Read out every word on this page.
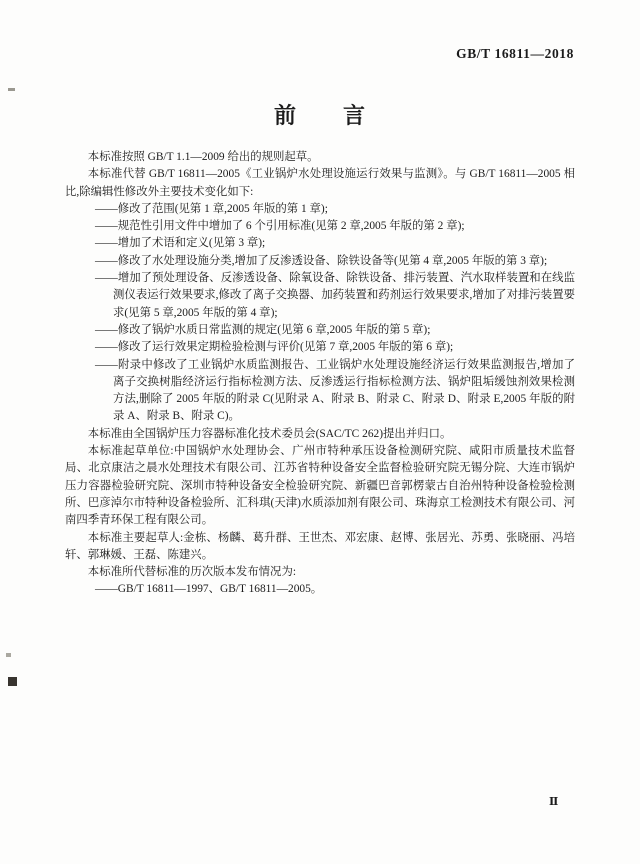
GB/T 16811—2018
前　　言

本标准按照 GB/T 1.1—2009 给出的规则起草。

本标准代替 GB/T 16811—2005《工业锅炉水处理设施运行效果与监测》。与 GB/T 16811—2005 相比,除编辑性修改外主要技术变化如下:

——修改了范围(见第 1 章,2005 年版的第 1 章);

——规范性引用文件中增加了 6 个引用标准(见第 2 章,2005 年版的第 2 章);

——增加了术语和定义(见第 3 章);

——修改了水处理设施分类,增加了反渗透设备、除铁设备等(见第 4 章,2005 年版的第 3 章);

——增加了预处理设备、反渗透设备、除氧设备、除铁设备、排污装置、汽水取样装置和在线监测仪表运行效果要求,修改了离子交换器、加药装置和药剂运行效果要求,增加了对排污装置要求(见第 5 章,2005 年版的第 4 章);

——修改了锅炉水质日常监测的规定(见第 6 章,2005 年版的第 5 章);

——修改了运行效果定期检验检测与评价(见第 7 章,2005 年版的第 6 章);

——附录中修改了工业锅炉水质监测报告、工业锅炉水处理设施经济运行效果监测报告,增加了离子交换树脂经济运行指标检测方法、反渗透运行指标检测方法、锅炉阻垢缓蚀剂效果检测方法,删除了 2005 年版的附录 C(见附录 A、附录 B、附录 C、附录 D、附录 E,2005 年版的附录 A、附录 B、附录 C)。

本标准由全国锅炉压力容器标准化技术委员会(SAC/TC 262)提出并归口。

本标准起草单位:中国锅炉水处理协会、广州市特种承压设备检测研究院、咸阳市质量技术监督局、北京康洁之晨水处理技术有限公司、江苏省特种设备安全监督检验研究院无锡分院、大连市锅炉压力容器检验研究院、深圳市特种设备安全检验研究院、新疆巴音郭楞蒙古自治州特种设备检验检测所、巴彦淖尔市特种设备检验所、汇科琪(天津)水质添加剂有限公司、珠海京工检测技术有限公司、河南四季青环保工程有限公司。

本标准主要起草人:金栋、杨麟、葛升群、王世杰、邓宏康、赵博、张居光、苏勇、张晓丽、冯培轩、郭琳媛、王磊、陈建兴。

本标准所代替标准的历次版本发布情况为:

——GB/T 16811—1997、GB/T 16811—2005。

Ⅱ
